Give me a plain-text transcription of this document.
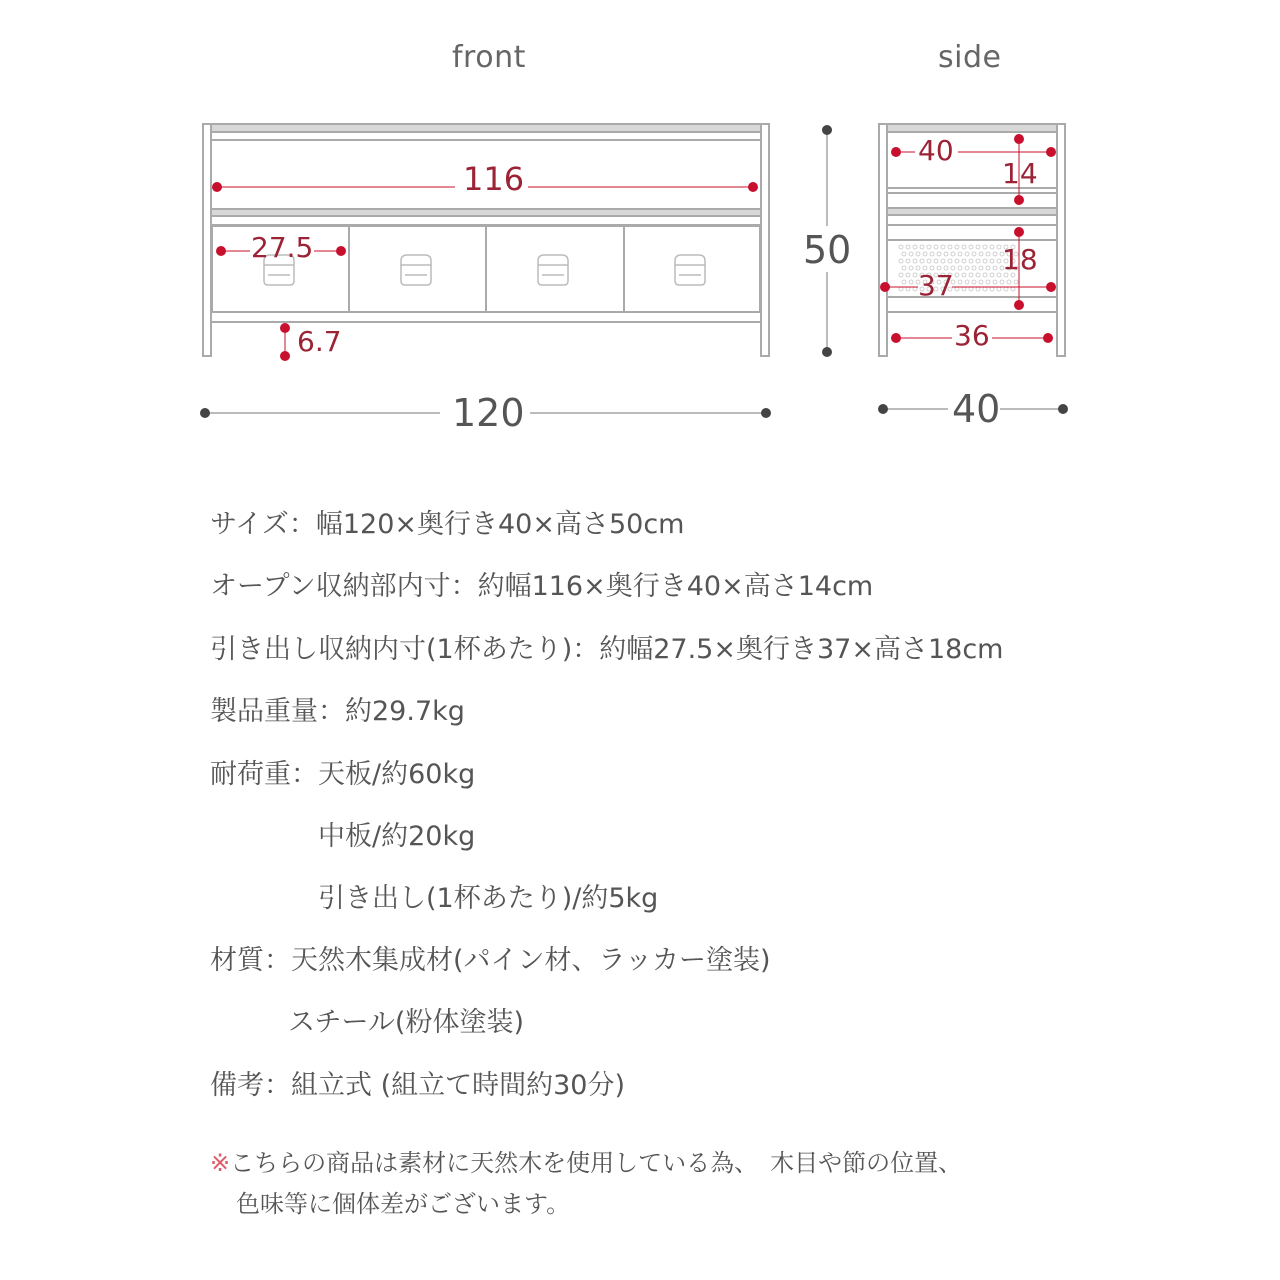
front	side
116
27.5
6.7
120
50
40
14
18
37
36
40
サイズ：幅120×奥行き40×高さ50cm
オープン収納部内寸：約幅116×奥行き40×高さ14cm
引き出し収納内寸(1杯あたり)：約幅27.5×奥行き37×高さ18cm
製品重量：約29.7kg
耐荷重：天板/約60kg
中板/約20kg
引き出し(1杯あたり)/約5kg
材質：天然木集成材(パイン材、ラッカー塗装)
スチール(粉体塗装)
備考：組立式 (組立て時間約30分)
※こちらの商品は素材に天然木を使用している為、　木目や節の位置、
色味等に個体差がございます。
